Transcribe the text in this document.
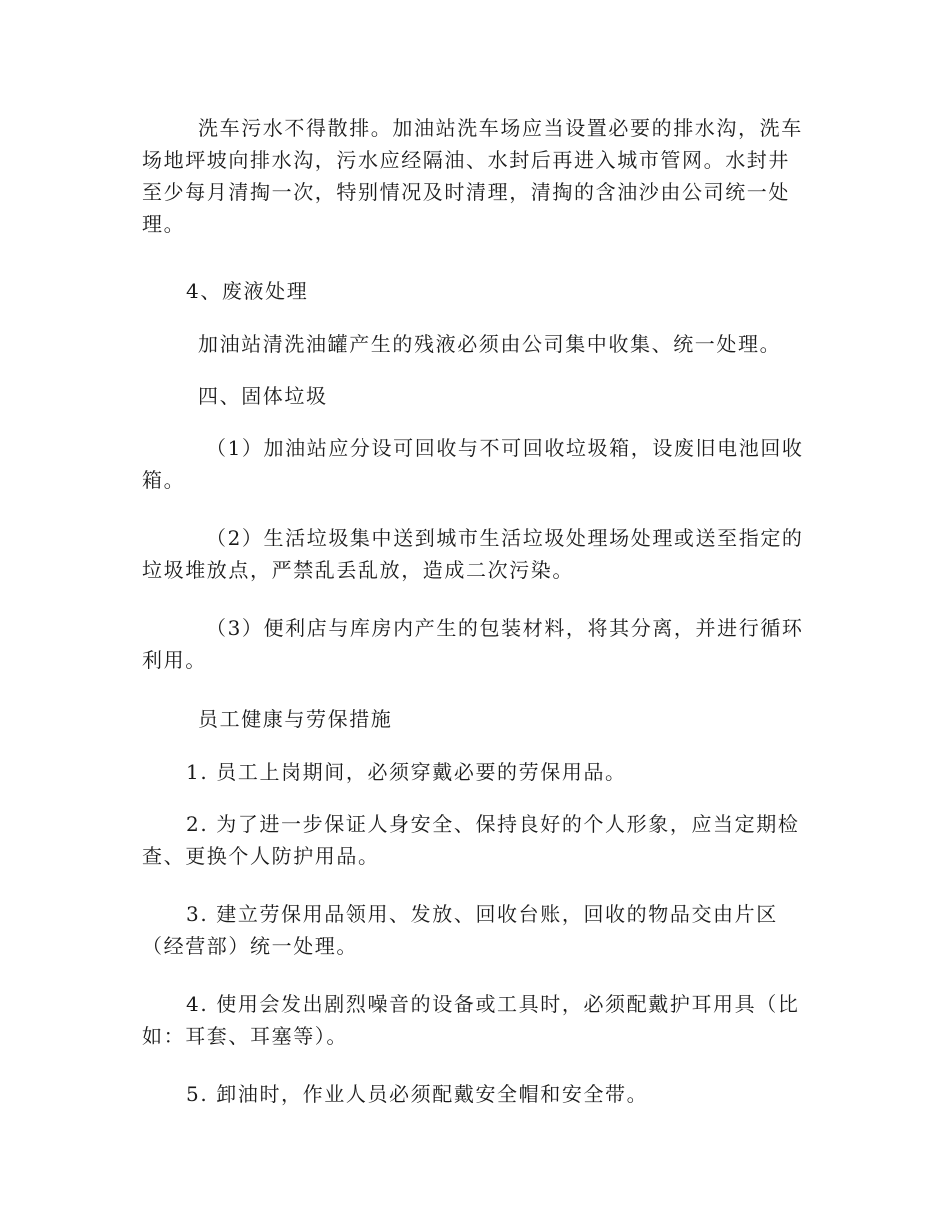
洗车污水不得散排。加油站洗车场应当设置必要的排水沟，洗车
场地坪坡向排水沟，污水应经隔油、水封后再进入城市管网。水封井
至少每月清掏一次，特别情况及时清理，清掏的含油沙由公司统一处
理。
4、废液处理
加油站清洗油罐产生的残液必须由公司集中收集、统一处理。
四、固体垃圾
（1）加油站应分设可回收与不可回收垃圾箱，设废旧电池回收
箱。
（2）生活垃圾集中送到城市生活垃圾处理场处理或送至指定的
垃圾堆放点，严禁乱丢乱放，造成二次污染。
（3）便利店与库房内产生的包装材料，将其分离，并进行循环
利用。
员工健康与劳保措施
1. 员工上岗期间，必须穿戴必要的劳保用品。
2. 为了进一步保证人身安全、保持良好的个人形象，应当定期检
查、更换个人防护用品。
3. 建立劳保用品领用、发放、回收台账，回收的物品交由片区
（经营部）统一处理。
4. 使用会发出剧烈噪音的设备或工具时，必须配戴护耳用具（比
如：耳套、耳塞等）。
5. 卸油时，作业人员必须配戴安全帽和安全带。
